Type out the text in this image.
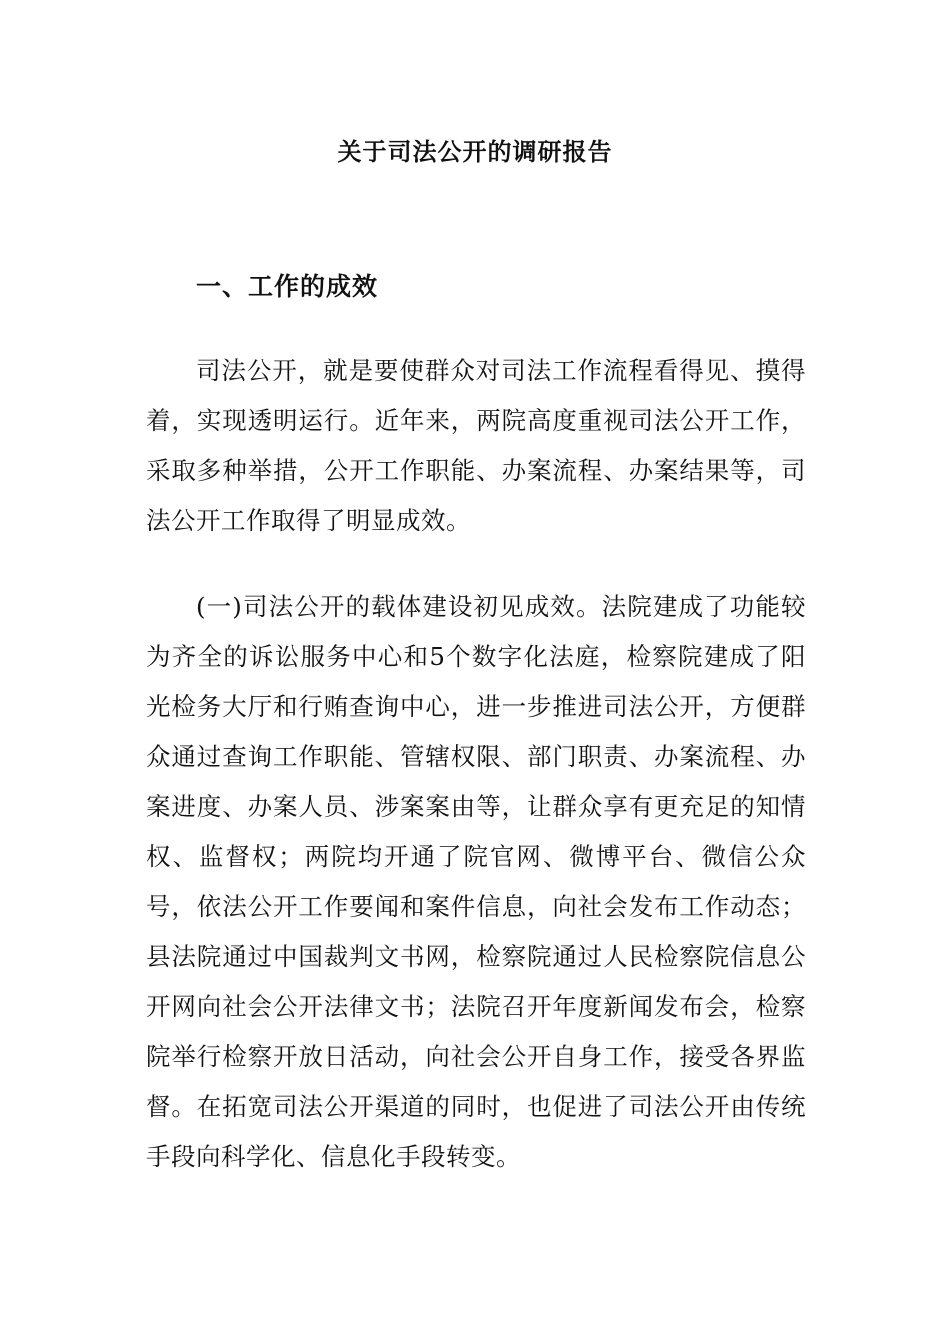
关于司法公开的调研报告
一、工作的成效

司法公开，就是要使群众对司法工作流程看得见、摸得着，实现透明运行。近年来，两院高度重视司法公开工作，采取多种举措，公开工作职能、办案流程、办案结果等，司法公开工作取得了明显成效。

(一)司法公开的载体建设初见成效。法院建成了功能较为齐全的诉讼服务中心和5个数字化法庭，检察院建成了阳光检务大厅和行贿查询中心，进一步推进司法公开，方便群众通过查询工作职能、管辖权限、部门职责、办案流程、办案进度、办案人员、涉案案由等，让群众享有更充足的知情权、监督权；两院均开通了院官网、微博平台、微信公众号，依法公开工作要闻和案件信息，向社会发布工作动态；县法院通过中国裁判文书网，检察院通过人民检察院信息公开网向社会公开法律文书；法院召开年度新闻发布会，检察院举行检察开放日活动，向社会公开自身工作，接受各界监督。在拓宽司法公开渠道的同时，也促进了司法公开由传统手段向科学化、信息化手段转变。
